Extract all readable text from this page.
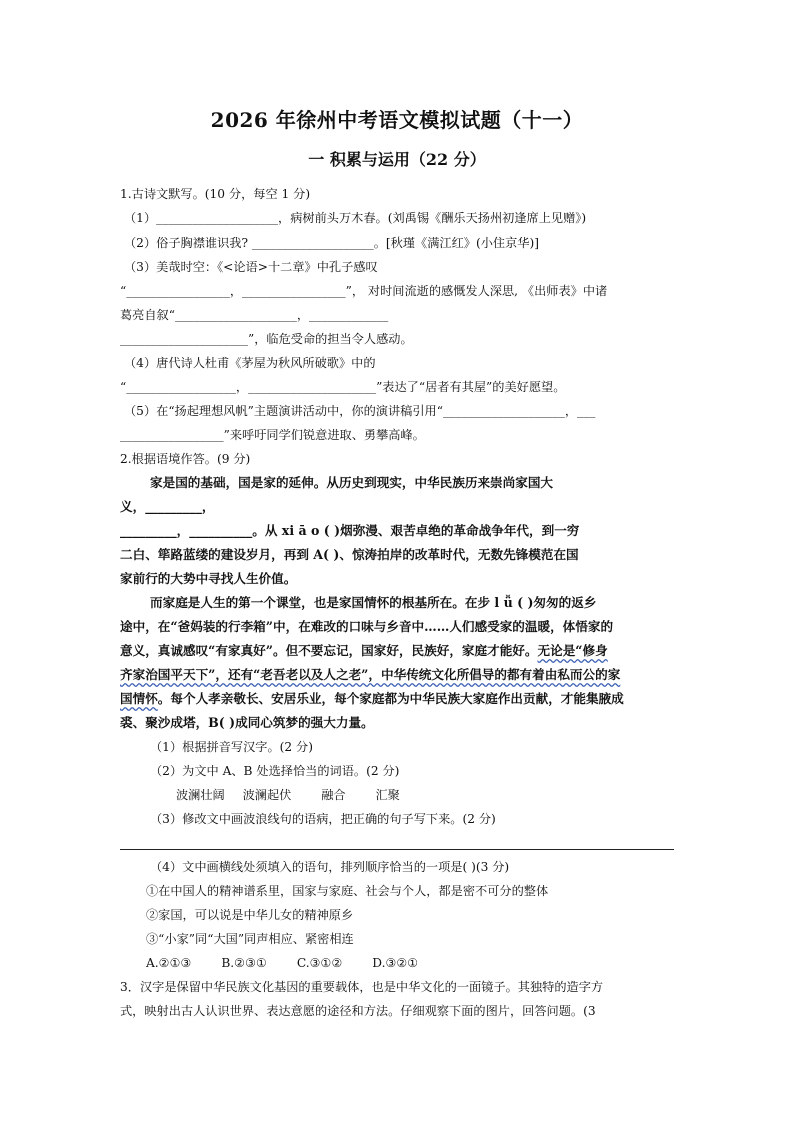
2026 年徐州中考语文模拟试题（十一）
一 积累与运用（22 分）
1.古诗文默写。(10 分，每空 1 分)
（1）____________________，病树前头万木春。(刘禹锡《酬乐天扬州初逢席上见赠》)
（2）俗子胸襟谁识我? ____________________。[秋瑾《满江红》(小住京华)]
（3）美哉时空：《<论语>十二章》中孔子感叹
“_________________，_________________”， 对时间流逝的感慨发人深思, 《出师表》中诸
葛亮自叙“____________________，_____________
_____________________”，临危受命的担当令人感动。
（4）唐代诗人杜甫《茅屋为秋风所破歌》中的
“__________________，_____________________”表达了“居者有其屋”的美好愿望。
（5）在“扬起理想风帆”主题演讲活动中，你的演讲稿引用“____________________，___
_________________”来呼吁同学们锐意进取、勇攀高峰。
2.根据语境作答。(9 分)
家是国的基础，国是家的延伸。从历史到现实，中华民族历来崇尚家国大
义，_________，
_________，__________。从 xi ā o ( )烟弥漫、艰苦卓绝的革命战争年代，到一穷
二白、筚路蓝缕的建设岁月，再到 A( )、惊涛拍岸的改革时代，无数先锋模范在国
家前行的大势中寻找人生价值。
而家庭是人生的第一个课堂，也是家国情怀的根基所在。在步 l ǚ ( )匆匆的返乡
途中，在“爸妈装的行李箱”中，在难改的口味与乡音中……人们感受家的温暖，体悟家的
意义，真诚感叹“有家真好”。但不要忘记，国家好，民族好，家庭才能好。无论是“修身
齐家治国平天下”，还有“老吾老以及人之老”，中华传统文化所倡导的都有着由私而公的家
国情怀。每个人孝亲敬长、安居乐业，每个家庭都为中华民族大家庭作出贡献，才能集腋成
裘、聚沙成塔，B( )成同心筑梦的强大力量。
（1）根据拼音写汉字。(2 分)
（2）为文中 A、B 处选择恰当的词语。(2 分)
波澜壮阔 波澜起伏 融合 汇聚
（3）修改文中画波浪线句的语病，把正确的句子写下来。(2 分)
（4）文中画横线处须填入的语句，排列顺序恰当的一项是( )(3 分)
①在中国人的精神谱系里，国家与家庭、社会与个人，都是密不可分的整体
②家国，可以说是中华儿女的精神原乡
③“小家”同“大国”同声相应、紧密相连
A.②①③ B.②③① C.③①② D.③②①
3．汉字是保留中华民族文化基因的重要载体，也是中华文化的一面镜子。其独特的造字方
式，映射出古人认识世界、表达意愿的途径和方法。仔细观察下面的图片，回答问题。(3
